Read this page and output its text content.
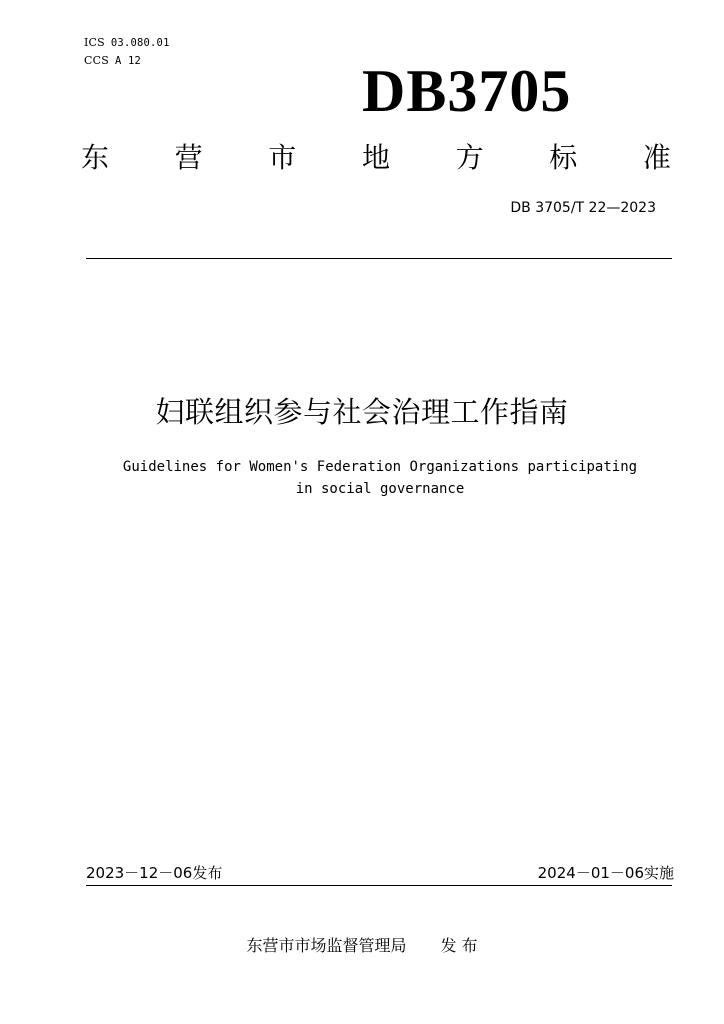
ICS 03.080.01
CCS A 12	DB3705
东 营 市 地 方 标 准
DB 3705/T 22—2023
妇联组织参与社会治理工作指南
Guidelines for Women's Federation Organizations participating
in social governance
2023－12－06发布	2024－01－06实施
东营市市场监督管理局 发 布
